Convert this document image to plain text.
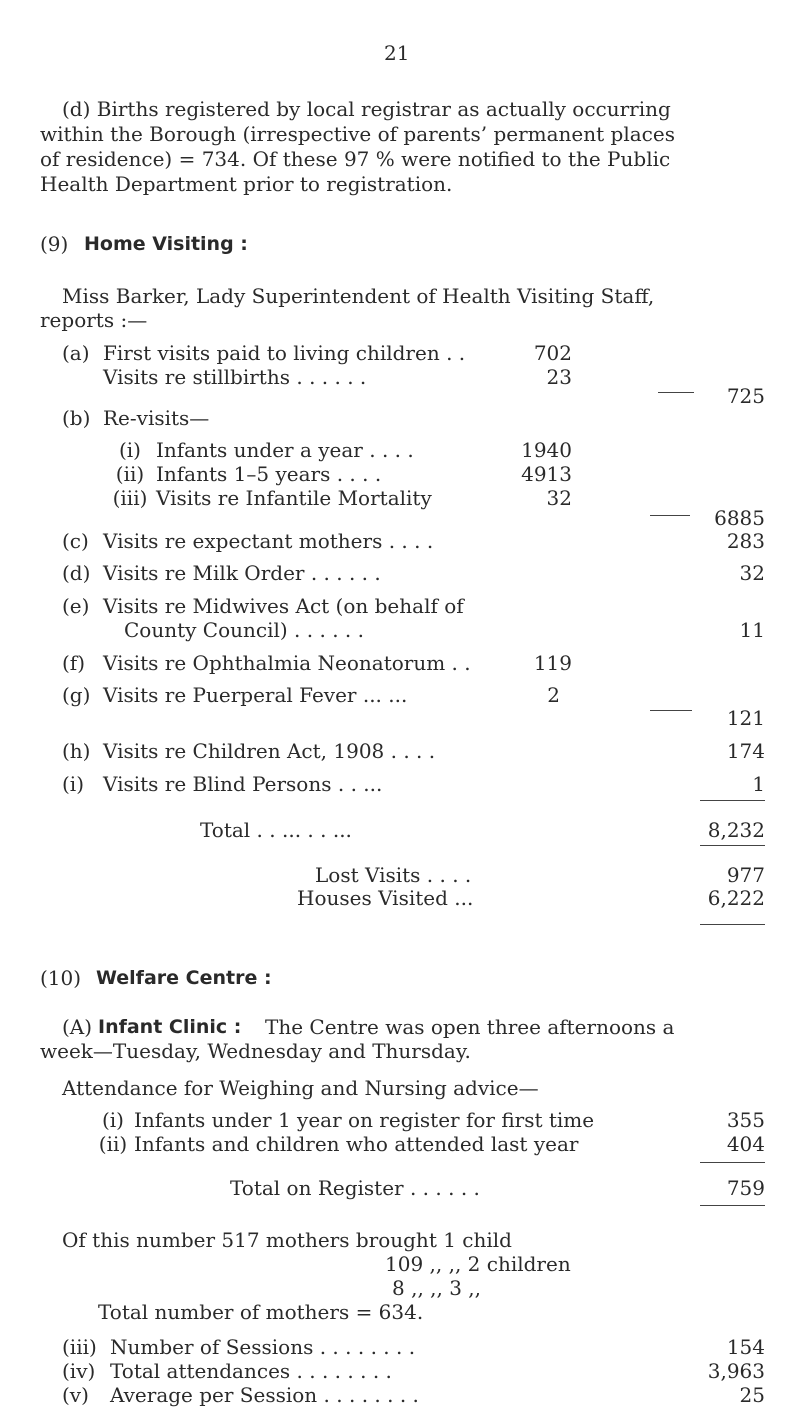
21
(d) Births registered by local registrar as actually occurring
within the Borough (irrespective of parents’ permanent places
of residence) = 734. Of these 97 % were notified to the Public
Health Department prior to registration.
(9) Home Visiting :
Miss Barker, Lady Superintendent of Health Visiting Staff,
reports :—
(a) First visits paid to living children . .	702
Visits re stillbirths . . . . . .	23
725
(b) Re-visits—
(i) Infants under a year . . . .	1940
(ii) Infants 1–5 years . . . .	4913
(iii) Visits re Infantile Mortality	32
6885
(c) Visits re expectant mothers . . . .	283
(d) Visits re Milk Order . . . . . .	32
(e) Visits re Midwives Act (on behalf of
County Council) . . . . . .	11
(f) Visits re Ophthalmia Neonatorum . .	119
(g) Visits re Puerperal Fever ... ...	2
121
(h) Visits re Children Act, 1908 . . . .	174
(i) Visits re Blind Persons . . ...	1
Total . . ... . . ...	8,232
Lost Visits . . . .	977
Houses Visited ...	6,222
(10) Welfare Centre :
(A) Infant Clinic : The Centre was open three afternoons a
week—Tuesday, Wednesday and Thursday.
Attendance for Weighing and Nursing advice—
(i) Infants under 1 year on register for first time	355
(ii) Infants and children who attended last year	404
Total on Register . . . . . .	759
Of this number 517 mothers brought 1 child
109 ,, ,, 2 children
8 ,, ,, 3 ,,
Total number of mothers = 634.
(iii) Number of Sessions . . . . . . . .	154
(iv) Total attendances . . . . . . . .	3,963
(v)	Average per Session . . . . . . . .	25
